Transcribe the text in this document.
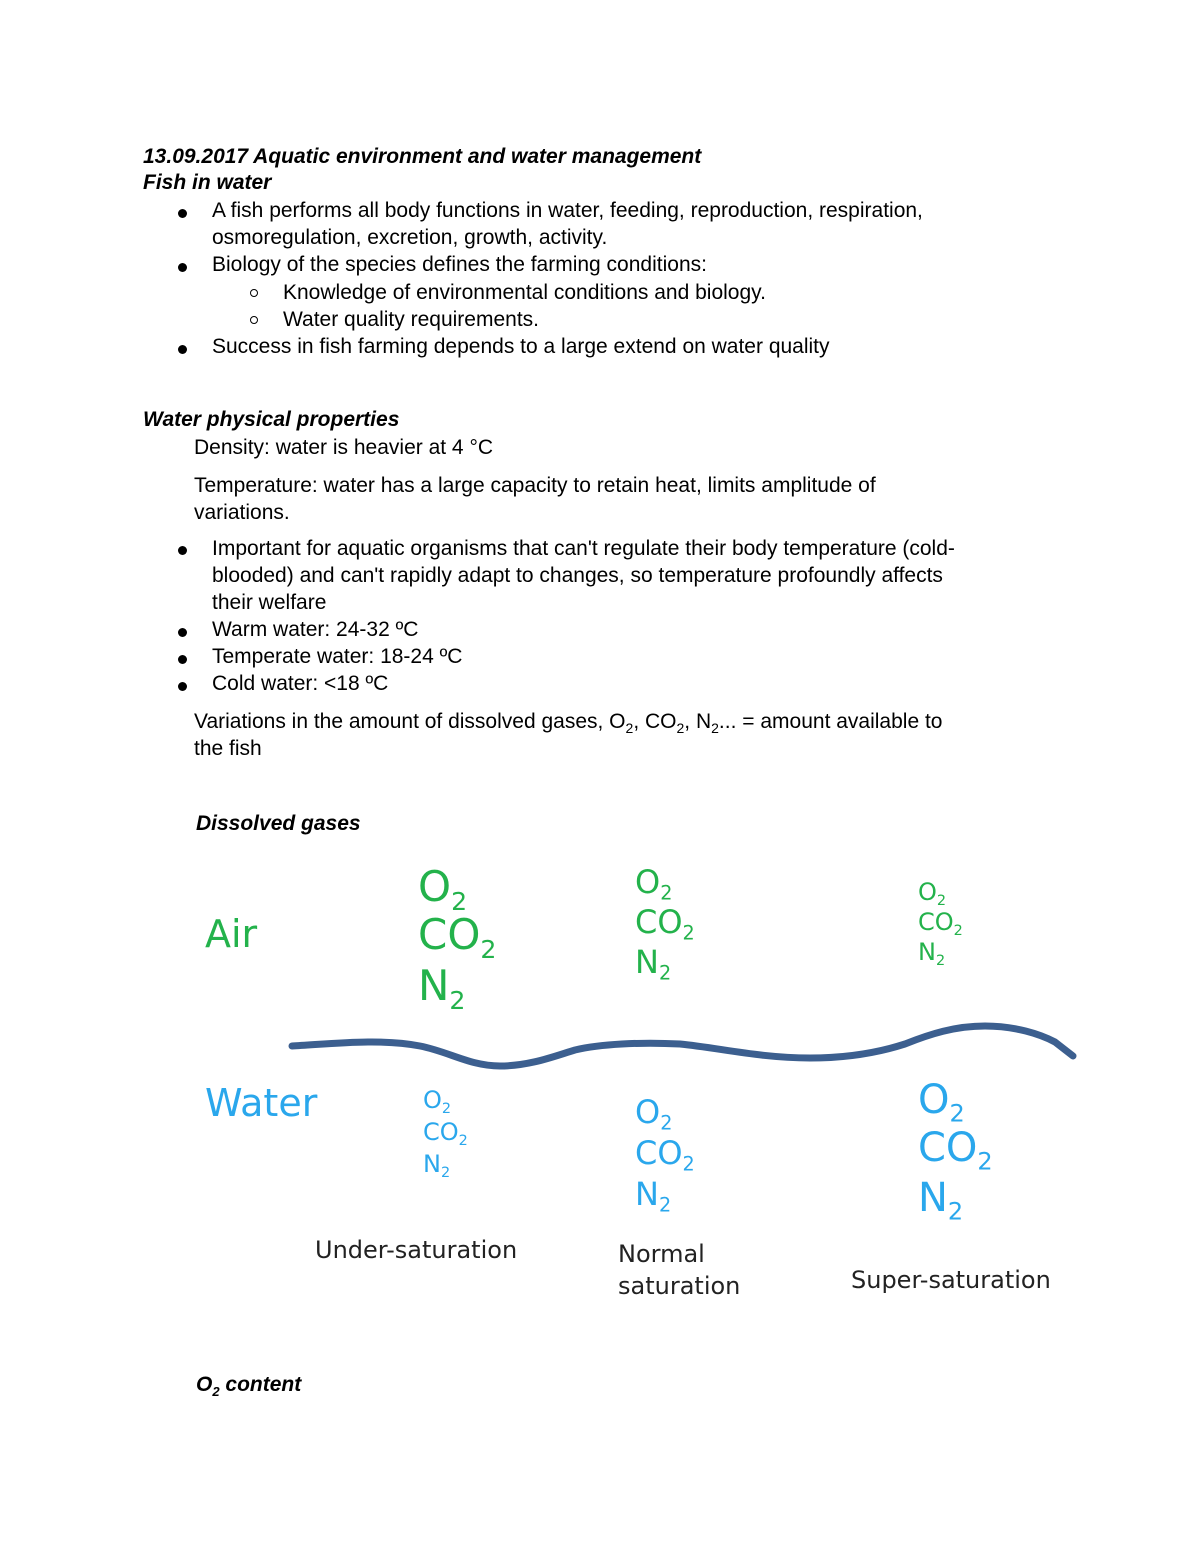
13.09.2017 Aquatic environment and water management
Fish in water
A fish performs all body functions in water, feeding, reproduction, respiration,
osmoregulation, excretion, growth, activity.
Biology of the species defines the farming conditions:
Knowledge of environmental conditions and biology.
Water quality requirements.
Success in fish farming depends to a large extend on water quality
Water physical properties
Density: water is heavier at 4 °C
Temperature: water has a large capacity to retain heat, limits amplitude of
variations.
Important for aquatic organisms that can't regulate their body temperature (cold-
blooded) and can't rapidly adapt to changes, so temperature profoundly affects
their welfare
Warm water: 24-32 ºC
Temperate water: 18-24 ºC
Cold water: <18 ºC
Variations in the amount of dissolved gases, $O_2$, $CO_2$, $N_2$... = amount available to
the fish
Dissolved gases
Air
Water
$O_2$
$CO_2$
$N_2$
$O_2$
$CO_2$
$N_2$
$O_2$
$CO_2$
$N_2$
$O_2$
$CO_2$
$N_2$
$O_2$
$CO_2$
$N_2$
$O_2$
$CO_2$
$N_2$
Under-saturation	Normal
saturation	Super-saturation
$O_2$ content
